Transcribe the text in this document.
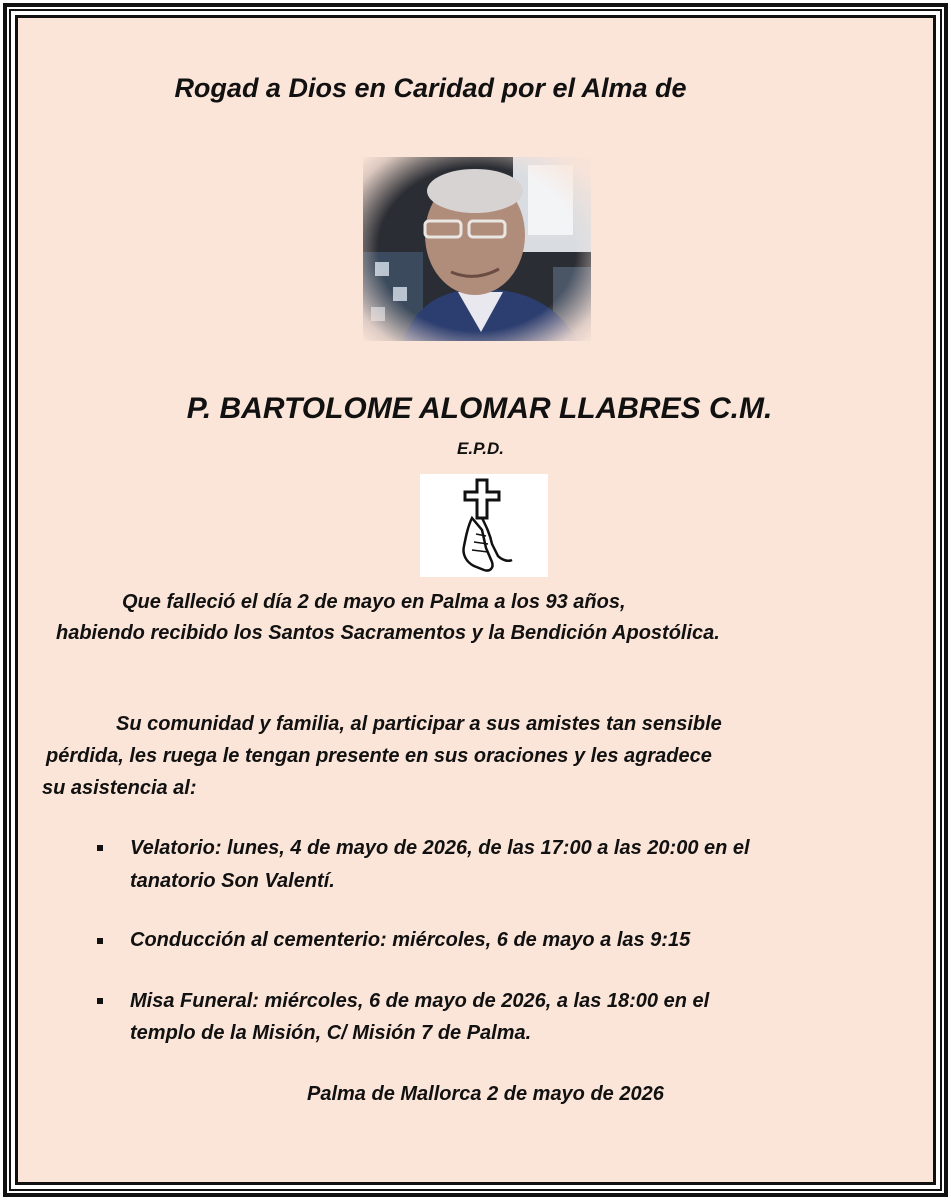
Rogad a Dios en Caridad por el Alma de
P. BARTOLOME ALOMAR LLABRES C.M.
E.P.D.
Que falleció el día 2 de mayo en Palma a los 93 años,
habiendo recibido los Santos Sacramentos y la Bendición Apostólica.
Su comunidad y familia, al participar a sus amistes tan sensible
pérdida, les ruega le tengan presente en sus oraciones y les agradece
su asistencia al:
Velatorio: lunes, 4 de mayo de 2026, de las 17:00 a las 20:00 en el
tanatorio Son Valentí.
Conducción al cementerio: miércoles, 6 de mayo a las 9:15
Misa Funeral: miércoles, 6 de mayo de 2026, a las 18:00 en el
templo de la Misión, C/ Misión 7 de Palma.
Palma de Mallorca 2 de mayo de 2026
